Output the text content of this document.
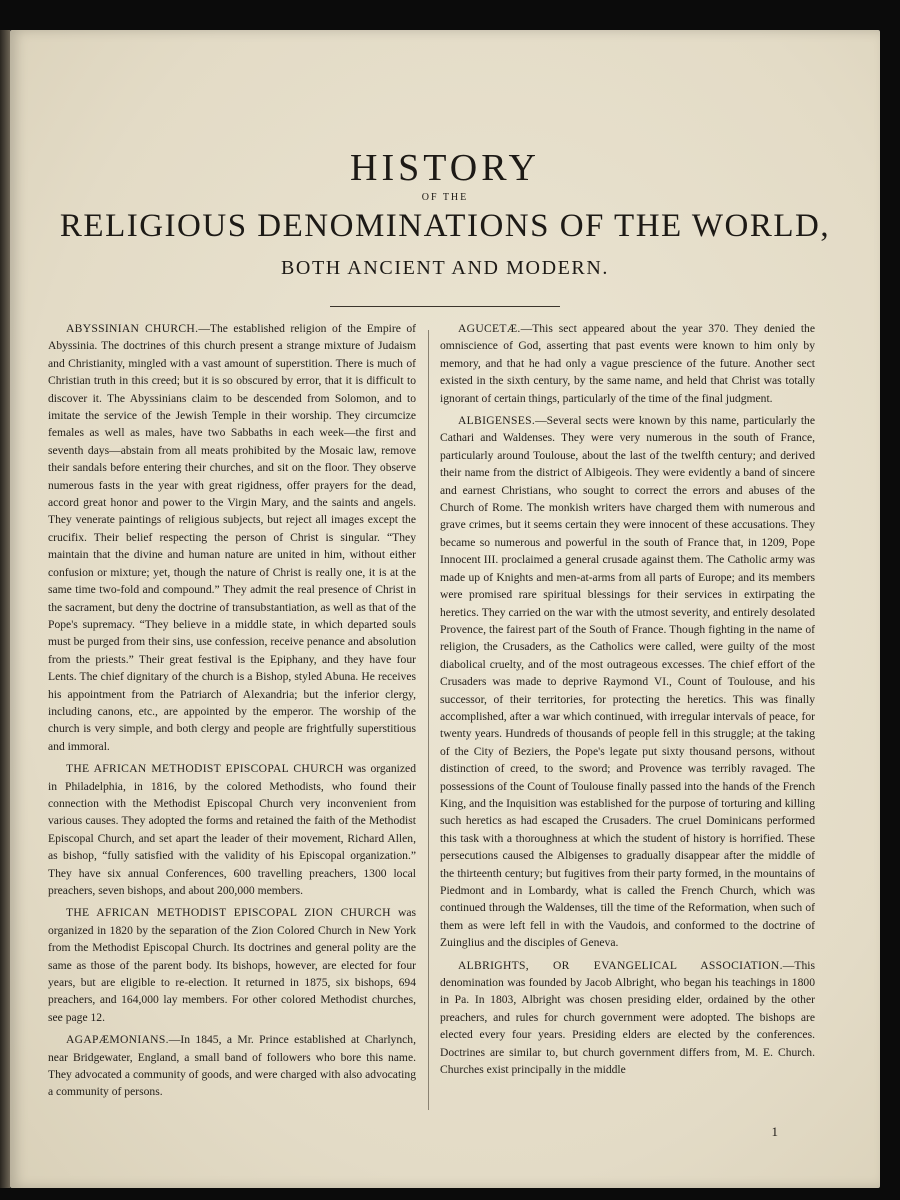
HISTORY
OF THE
RELIGIOUS DENOMINATIONS OF THE WORLD,
BOTH ANCIENT AND MODERN.

ABYSSINIAN CHURCH.—The established religion of the Empire of Abyssinia. The doctrines of this church present a strange mixture of Judaism and Christianity, mingled with a vast amount of superstition. There is much of Christian truth in this creed; but it is so obscured by error, that it is difficult to discover it. The Abyssinians claim to be descended from Solomon, and to imitate the service of the Jewish Temple in their worship. They circumcize females as well as males, have two Sabbaths in each week—the first and seventh days—abstain from all meats prohibited by the Mosaic law, remove their sandals before entering their churches, and sit on the floor. They observe numerous fasts in the year with great rigidness, offer prayers for the dead, accord great honor and power to the Virgin Mary, and the saints and angels. They venerate paintings of religious subjects, but reject all images except the crucifix. Their belief respecting the person of Christ is singular. “They maintain that the divine and human nature are united in him, without either confusion or mixture; yet, though the nature of Christ is really one, it is at the same time two-fold and compound.” They admit the real presence of Christ in the sacrament, but deny the doctrine of transubstantiation, as well as that of the Pope's supremacy. “They believe in a middle state, in which departed souls must be purged from their sins, use confession, receive penance and absolution from the priests.” Their great festival is the Epiphany, and they have four Lents. The chief dignitary of the church is a Bishop, styled Abuna. He receives his appointment from the Patriarch of Alexandria; but the inferior clergy, including canons, etc., are appointed by the emperor. The worship of the church is very simple, and both clergy and people are frightfully superstitious and immoral.

THE AFRICAN METHODIST EPISCOPAL CHURCH was organized in Philadelphia, in 1816, by the colored Methodists, who found their connection with the Methodist Episcopal Church very inconvenient from various causes. They adopted the forms and retained the faith of the Methodist Episcopal Church, and set apart the leader of their movement, Richard Allen, as bishop, “fully satisfied with the validity of his Episcopal organization.” They have six annual Conferences, 600 travelling preachers, 1300 local preachers, seven bishops, and about 200,000 members.

THE AFRICAN METHODIST EPISCOPAL ZION CHURCH was organized in 1820 by the separation of the Zion Colored Church in New York from the Methodist Episcopal Church. Its doctrines and general polity are the same as those of the parent body. Its bishops, however, are elected for four years, but are eligible to re-election. It returned in 1875, six bishops, 694 preachers, and 164,000 lay members. For other colored Methodist churches, see page 12.

AGAPÆMONIANS.—In 1845, a Mr. Prince established at Charlynch, near Bridgewater, England, a small band of followers who bore this name. They advocated a community of goods, and were charged with also advocating a community of persons.

AGUCETÆ.—This sect appeared about the year 370. They denied the omniscience of God, asserting that past events were known to him only by memory, and that he had only a vague prescience of the future. Another sect existed in the sixth century, by the same name, and held that Christ was totally ignorant of certain things, particularly of the time of the final judgment.

ALBIGENSES.—Several sects were known by this name, particularly the Cathari and Waldenses. They were very numerous in the south of France, particularly around Toulouse, about the last of the twelfth century; and derived their name from the district of Albigeois. They were evidently a band of sincere and earnest Christians, who sought to correct the errors and abuses of the Church of Rome. The monkish writers have charged them with numerous and grave crimes, but it seems certain they were innocent of these accusations. They became so numerous and powerful in the south of France that, in 1209, Pope Innocent III. proclaimed a general crusade against them. The Catholic army was made up of Knights and men-at-arms from all parts of Europe; and its members were promised rare spiritual blessings for their services in extirpating the heretics. They carried on the war with the utmost severity, and entirely desolated Provence, the fairest part of the South of France. Though fighting in the name of religion, the Crusaders, as the Catholics were called, were guilty of the most diabolical cruelty, and of the most outrageous excesses. The chief effort of the Crusaders was made to deprive Raymond VI., Count of Toulouse, and his successor, of their territories, for protecting the heretics. This was finally accomplished, after a war which continued, with irregular intervals of peace, for twenty years. Hundreds of thousands of people fell in this struggle; at the taking of the City of Beziers, the Pope's legate put sixty thousand persons, without distinction of creed, to the sword; and Provence was terribly ravaged. The possessions of the Count of Toulouse finally passed into the hands of the French King, and the Inquisition was established for the purpose of torturing and killing such heretics as had escaped the Crusaders. The cruel Dominicans performed this task with a thoroughness at which the student of history is horrified. These persecutions caused the Albigenses to gradually disappear after the middle of the thirteenth century; but fugitives from their party formed, in the mountains of Piedmont and in Lombardy, what is called the French Church, which was continued through the Waldenses, till the time of the Reformation, when such of them as were left fell in with the Vaudois, and conformed to the doctrine of Zuinglius and the disciples of Geneva.

ALBRIGHTS, OR EVANGELICAL ASSOCIATION.—This denomination was founded by Jacob Albright, who began his teachings in 1800 in Pa. In 1803, Albright was chosen presiding elder, ordained by the other preachers, and rules for church government were adopted. The bishops are elected every four years. Presiding elders are elected by the conferences. Doctrines are similar to, but church government differs from, M. E. Church. Churches exist principally in the middle

1
